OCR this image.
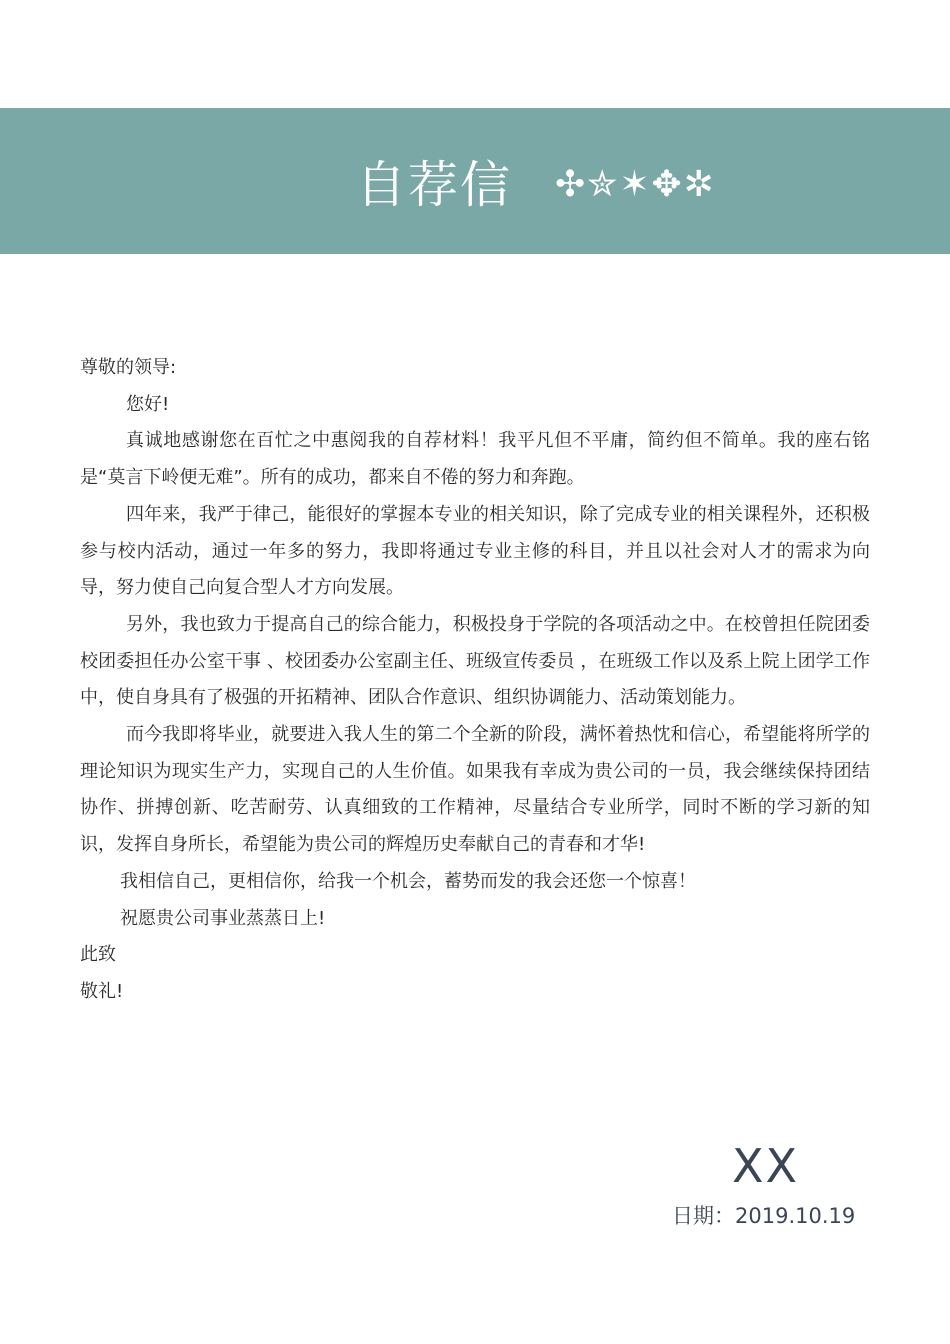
自荐信 ✣✮✶✥✲

尊敬的领导:

您好!

真诚地感谢您在百忙之中惠阅我的自荐材料！我平凡但不平庸，简约但不简单。我的座右铭是“莫言下岭便无难”。所有的成功，都来自不倦的努力和奔跑。

四年来，我严于律己，能很好的掌握本专业的相关知识，除了完成专业的相关课程外，还积极参与校内活动，通过一年多的努力，我即将通过专业主修的科目，并且以社会对人才的需求为向导，努力使自己向复合型人才方向发展。

另外，我也致力于提高自己的综合能力，积极投身于学院的各项活动之中。在校曾担任院团委校团委担任办公室干事 、校团委办公室副主任、班级宣传委员 ，在班级工作以及系上院上团学工作中，使自身具有了极强的开拓精神、团队合作意识、组织协调能力、活动策划能力。

而今我即将毕业，就要进入我人生的第二个全新的阶段，满怀着热忱和信心，希望能将所学的理论知识为现实生产力，实现自己的人生价值。如果我有幸成为贵公司的一员，我会继续保持团结协作、拼搏创新、吃苦耐劳、认真细致的工作精神，尽量结合专业所学，同时不断的学习新的知识，发挥自身所长，希望能为贵公司的辉煌历史奉献自己的青春和才华!

我相信自己，更相信你，给我一个机会，蓄势而发的我会还您一个惊喜！

祝愿贵公司事业蒸蒸日上!

此致

敬礼!

XX
日期：2019.10.19
